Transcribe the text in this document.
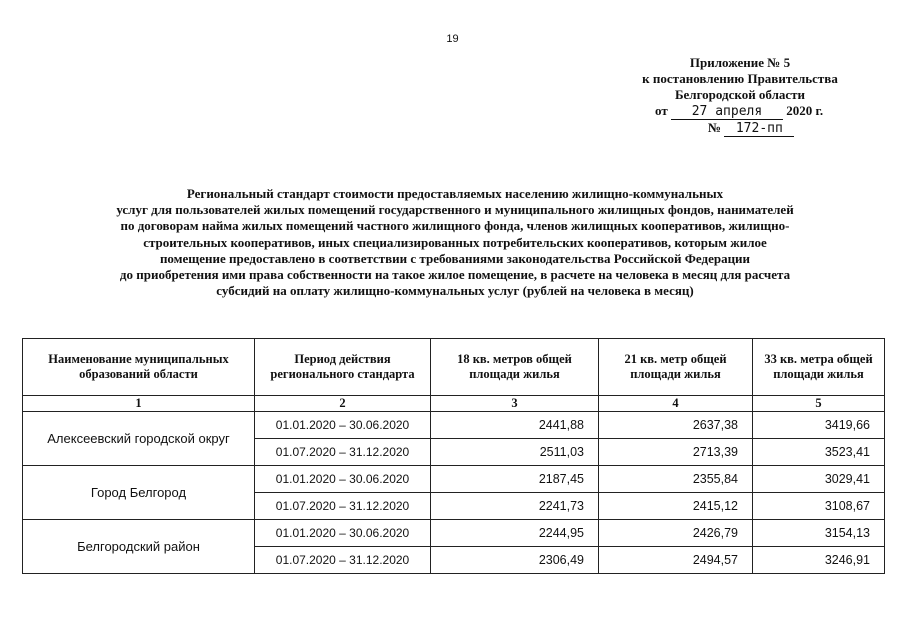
19
Приложение № 5
к постановлению Правительства
Белгородской области
от 27 апреля 2020 г.
№ 172-пп
Региональный стандарт стоимости предоставляемых населению жилищно-коммунальных
услуг для пользователей жилых помещений государственного и муниципального жилищных фондов, нанимателей
по договорам найма жилых помещений частного жилищного фонда, членов жилищных кооперативов, жилищно-
строительных кооперативов, иных специализированных потребительских кооперативов, которым жилое
помещение предоставлено в соответствии с требованиями законодательства Российской Федерации
до приобретения ими права собственности на такое жилое помещение, в расчете на человека в месяц для расчета
субсидий на оплату жилищно-коммунальных услуг (рублей на человека в месяц)
Наименование муниципальных образований области	Период действия регионального стандарта	18 кв. метров общей площади жилья	21 кв. метр общей площади жилья	33 кв. метра общей площади жилья
1	2	3	4	5
Алексеевский городской округ	01.01.2020 – 30.06.2020	2441,88	2637,38	3419,66
	01.07.2020 – 31.12.2020	2511,03	2713,39	3523,41
Город Белгород	01.01.2020 – 30.06.2020	2187,45	2355,84	3029,41
	01.07.2020 – 31.12.2020	2241,73	2415,12	3108,67
Белгородский район	01.01.2020 – 30.06.2020	2244,95	2426,79	3154,13
	01.07.2020 – 31.12.2020	2306,49	2494,57	3246,91
